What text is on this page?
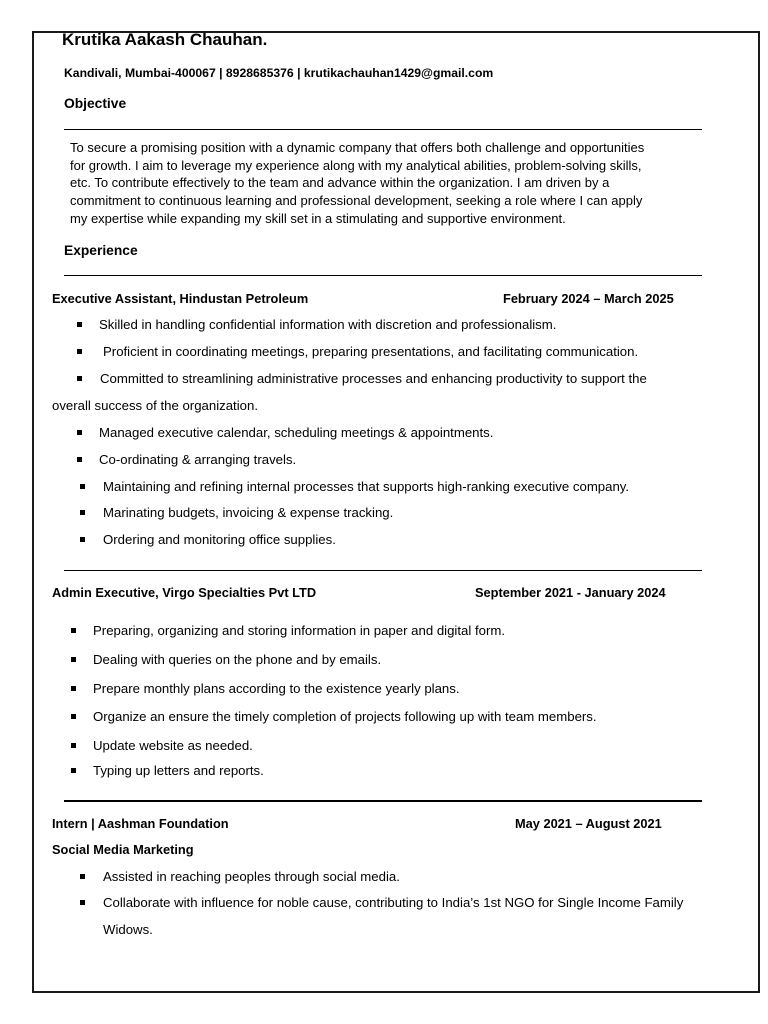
Krutika Aakash Chauhan.
Kandivali, Mumbai-400067 | 8928685376 | krutikachauhan1429@gmail.com
Objective

To secure a promising position with a dynamic company that offers both challenge and opportunities

for growth. I aim to leverage my experience along with my analytical abilities, problem-solving skills,

etc. To contribute effectively to the team and advance within the organization. I am driven by a

commitment to continuous learning and professional development, seeking a role where I can apply

my expertise while expanding my skill set in a stimulating and supportive environment.

Experience
Executive Assistant, Hindustan Petroleum	February 2024 – March 2025
Skilled in handling confidential information with discretion and professionalism.
Proficient in coordinating meetings, preparing presentations, and facilitating communication.
Committed to streamlining administrative processes and enhancing productivity to support the
overall success of the organization.
Managed executive calendar, scheduling meetings & appointments.
Co-ordinating & arranging travels.
Maintaining and refining internal processes that supports high-ranking executive company.
Marinating budgets, invoicing & expense tracking.
Ordering and monitoring office supplies.
Admin Executive, Virgo Specialties Pvt LTD	September 2021 - January 2024
Preparing, organizing and storing information in paper and digital form.
Dealing with queries on the phone and by emails.
Prepare monthly plans according to the existence yearly plans.
Organize an ensure the timely completion of projects following up with team members.
Update website as needed.
Typing up letters and reports.
Intern | Aashman Foundation	May 2021 – August 2021
Social Media Marketing
Assisted in reaching peoples through social media.
Collaborate with influence for noble cause, contributing to India’s 1st NGO for Single Income Family
Widows.
